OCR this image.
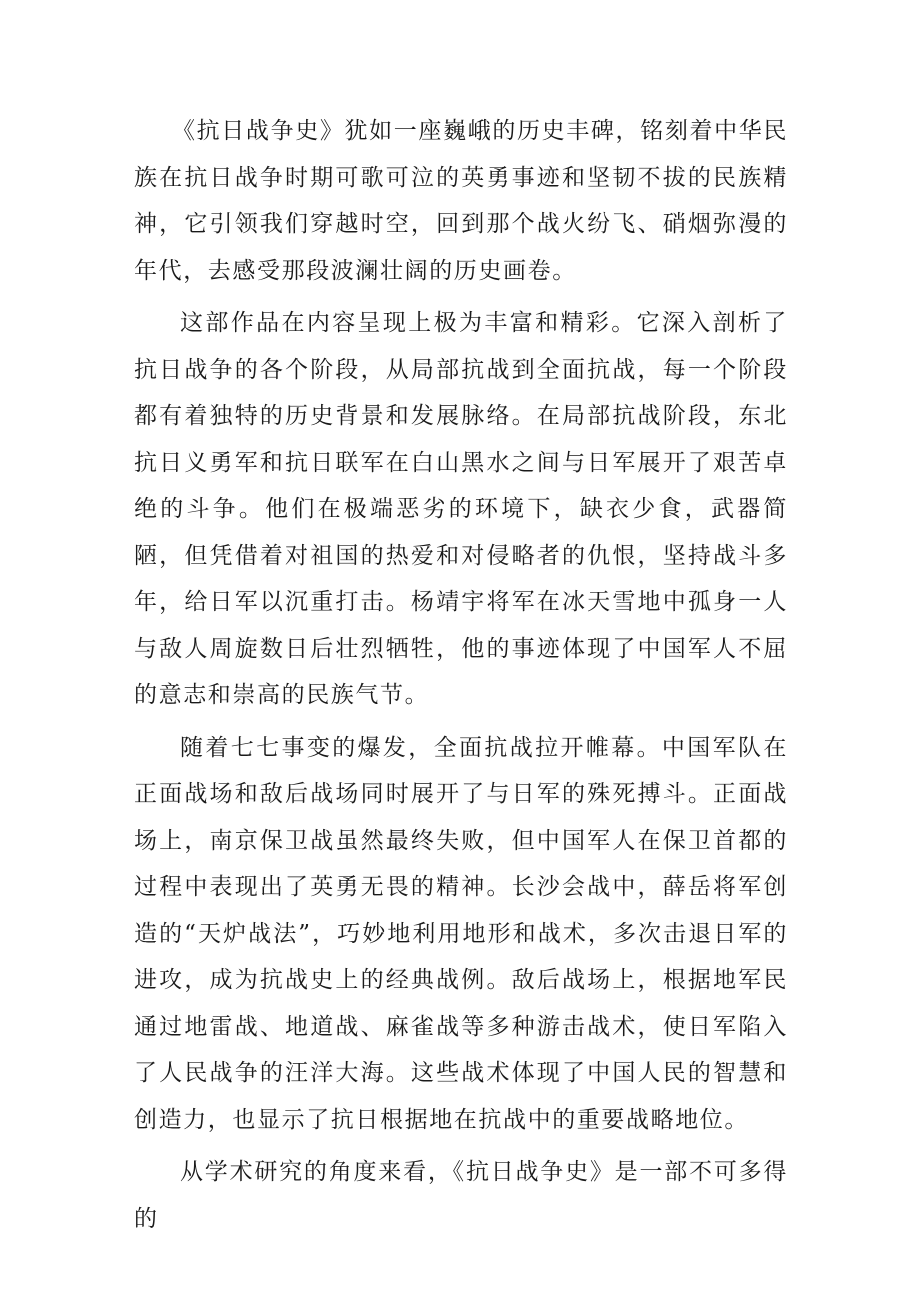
《抗日战争史》犹如一座巍峨的历史丰碑，铭刻着中华民族在抗日战争时期可歌可泣的英勇事迹和坚韧不拔的民族精神，它引领我们穿越时空，回到那个战火纷飞、硝烟弥漫的年代，去感受那段波澜壮阔的历史画卷。

这部作品在内容呈现上极为丰富和精彩。它深入剖析了抗日战争的各个阶段，从局部抗战到全面抗战，每一个阶段都有着独特的历史背景和发展脉络。在局部抗战阶段，东北抗日义勇军和抗日联军在白山黑水之间与日军展开了艰苦卓绝的斗争。他们在极端恶劣的环境下，缺衣少食，武器简陋，但凭借着对祖国的热爱和对侵略者的仇恨，坚持战斗多年，给日军以沉重打击。杨靖宇将军在冰天雪地中孤身一人与敌人周旋数日后壮烈牺牲，他的事迹体现了中国军人不屈的意志和崇高的民族气节。

随着七七事变的爆发，全面抗战拉开帷幕。中国军队在正面战场和敌后战场同时展开了与日军的殊死搏斗。正面战场上，南京保卫战虽然最终失败，但中国军人在保卫首都的过程中表现出了英勇无畏的精神。长沙会战中，薛岳将军创造的“天炉战法”，巧妙地利用地形和战术，多次击退日军的进攻，成为抗战史上的经典战例。敌后战场上，根据地军民通过地雷战、地道战、麻雀战等多种游击战术，使日军陷入了人民战争的汪洋大海。这些战术体现了中国人民的智慧和创造力，也显示了抗日根据地在抗战中的重要战略地位。

从学术研究的角度来看，《抗日战争史》是一部不可多得的
